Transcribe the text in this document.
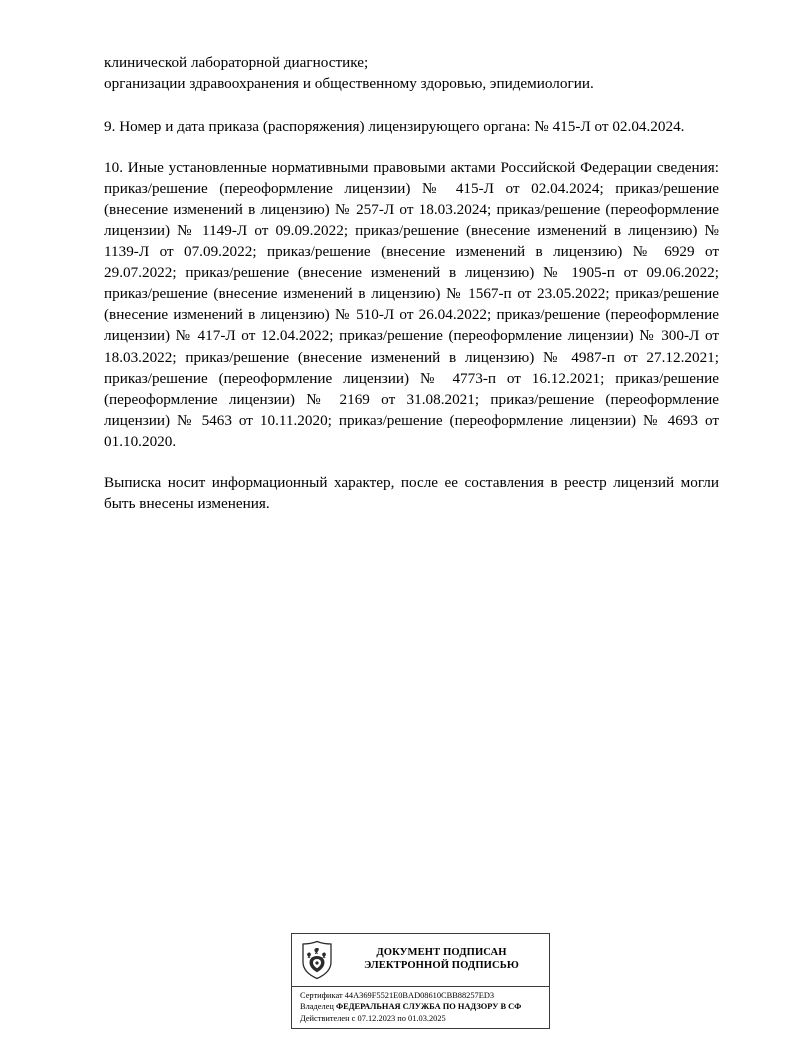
клинической лабораторной диагностике;
организации здравоохранения и общественному здоровью, эпидемиологии.

9. Номер и дата приказа (распоряжения) лицензирующего органа: № 415-Л от 02.04.2024.

10. Иные установленные нормативными правовыми актами Российской Федерации сведения: приказ/решение (переоформление лицензии) № 415-Л от 02.04.2024; приказ/решение (внесение изменений в лицензию) № 257-Л от 18.03.2024; приказ/решение (переоформление лицензии) № 1149-Л от 09.09.2022; приказ/решение (внесение изменений в лицензию) № 1139-Л от 07.09.2022; приказ/решение (внесение изменений в лицензию) № 6929 от 29.07.2022; приказ/решение (внесение изменений в лицензию) № 1905-п от 09.06.2022; приказ/решение (внесение изменений в лицензию) № 1567-п от 23.05.2022; приказ/решение (внесение изменений в лицензию) № 510-Л от 26.04.2022; приказ/решение (переоформление лицензии) № 417-Л от 12.04.2022; приказ/решение (переоформление лицензии) № 300-Л от 18.03.2022; приказ/решение (внесение изменений в лицензию) № 4987-п от 27.12.2021; приказ/решение (переоформление лицензии) № 4773-п от 16.12.2021; приказ/решение (переоформление лицензии) № 2169 от 31.08.2021; приказ/решение (переоформление лицензии) № 5463 от 10.11.2020; приказ/решение (переоформление лицензии) № 4693 от 01.10.2020.

Выписка носит информационный характер, после ее составления в реестр лицензий могли быть внесены изменения.

ДОКУМЕНТ ПОДПИСАН
ЭЛЕКТРОННОЙ ПОДПИСЬЮ
Сертификат 44A369F5521E0BAD08610CBB88257ED3
Владелец ФЕДЕРАЛЬНАЯ СЛУЖБА ПО НАДЗОРУ В СФ
Действителен с 07.12.2023 по 01.03.2025
